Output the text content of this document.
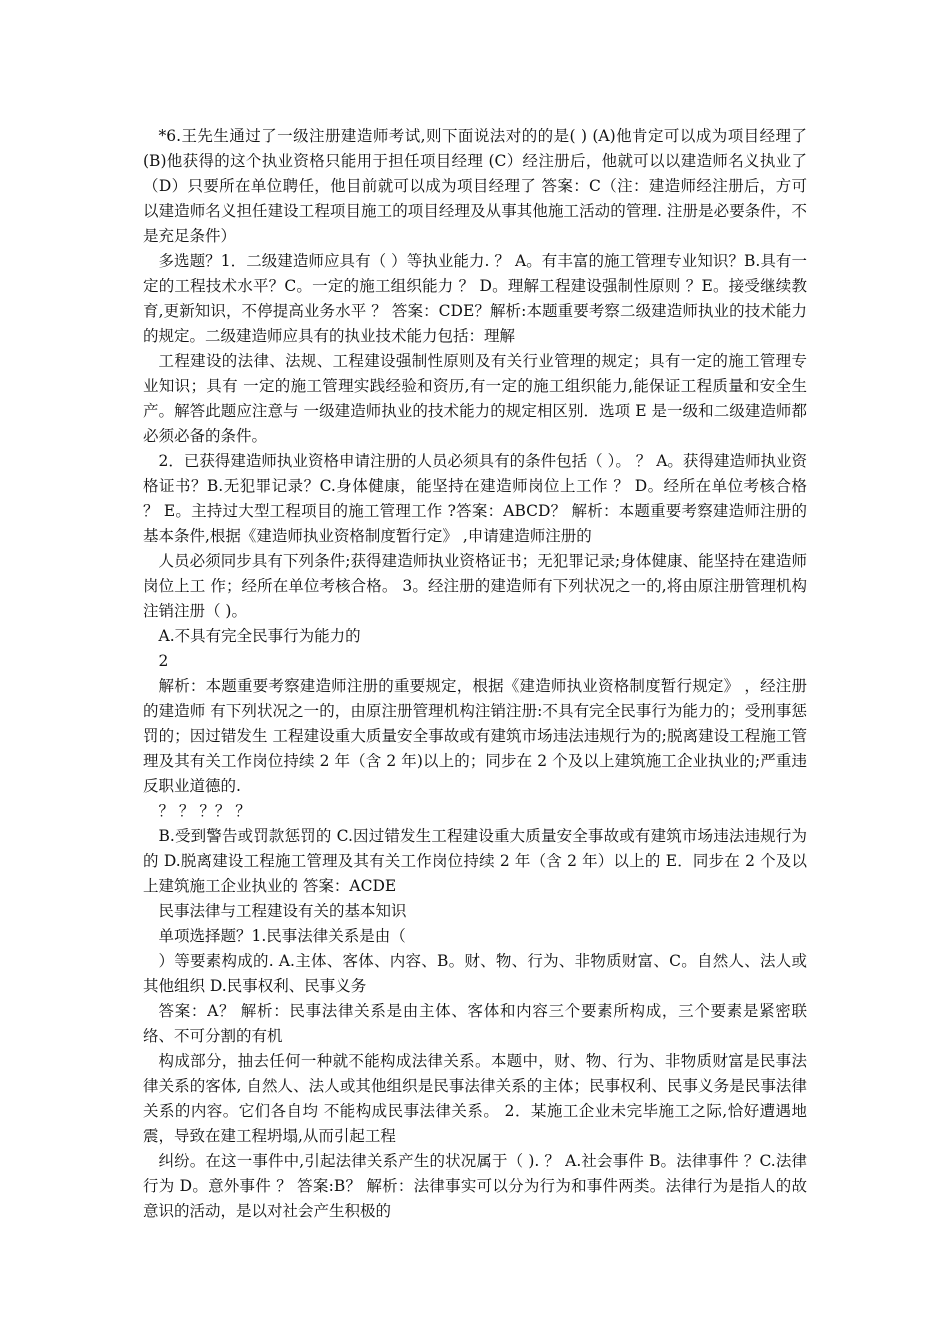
*6.王先生通过了一级注册建造师考试,则下面说法对的的是( ) (A)他肯定可以成为项目经理了 (B)他获得的这个执业资格只能用于担任项目经理 (C）经注册后，他就可以以建造师名义执业了 （D）只要所在单位聘任，他目前就可以成为项目经理了 答案：C（注：建造师经注册后，方可以建造师名义担任建设工程项目施工的项目经理及从事其他施工活动的管理. 注册是必要条件，不是充足条件）

多选题？1．二级建造师应具有（ ）等执业能力. ？ A。有丰富的施工管理专业知识？B.具有一定的工程技术水平？C。一定的施工组织能力 ？ D。理解工程建设强制性原则 ？E。接受继续教育,更新知识，不停提高业务水平 ？ 答案：CDE？解析:本题重要考察二级建造师执业的技术能力的规定。二级建造师应具有的执业技术能力包括：理解

工程建设的法律、法规、工程建设强制性原则及有关行业管理的规定；具有一定的施工管理专业知识；具有 一定的施工管理实践经验和资历,有一定的施工组织能力,能保证工程质量和安全生产。解答此题应注意与 一级建造师执业的技术能力的规定相区别．选项 E 是一级和二级建造师都必须必备的条件。

2．已获得建造师执业资格申请注册的人员必须具有的条件包括（ ）。 ？ A。获得建造师执业资格证书？B.无犯罪记录？C.身体健康，能坚持在建造师岗位上工作 ？ D。经所在单位考核合格 ？ E。主持过大型工程项目的施工管理工作 ?答案：ABCD？ 解析：本题重要考察建造师注册的基本条件,根据《建造师执业资格制度暂行定》 ,申请建造师注册的

人员必须同步具有下列条件;获得建造师执业资格证书；无犯罪记录;身体健康、能坚持在建造师岗位上工 作；经所在单位考核合格。 3。经注册的建造师有下列状况之一的,将由原注册管理机构注销注册（ )。

A.不具有完全民事行为能力的

2

解析：本题重要考察建造师注册的重要规定，根据《建造师执业资格制度暂行规定》 ，经注册的建造师 有下列状况之一的，由原注册管理机构注销注册:不具有完全民事行为能力的；受刑事惩罚的；因过错发生 工程建设重大质量安全事故或有建筑市场违法违规行为的;脱离建设工程施工管理及其有关工作岗位持续 2 年（含 2 年)以上的；同步在 2 个及以上建筑施工企业执业的;严重违反职业道德的.

？ ？ ？？ ？

B.受到警告或罚款惩罚的 C.因过错发生工程建设重大质量安全事故或有建筑市场违法违规行为的 D.脱离建设工程施工管理及其有关工作岗位持续 2 年（含 2 年）以上的 E．同步在 2 个及以上建筑施工企业执业的 答案：ACDE

民事法律与工程建设有关的基本知识

单项选择题？1.民事法律关系是由（

）等要素构成的. A.主体、客体、内容、B。财、物、行为、非物质财富、C。自然人、法人或其他组织 D.民事权利、民事义务

答案：A？ 解析：民事法律关系是由主体、客体和内容三个要素所构成，三个要素是紧密联络、不可分割的有机

构成部分，抽去任何一种就不能构成法律关系。本题中，财、物、行为、非物质财富是民事法律关系的客体, 自然人、法人或其他组织是民事法律关系的主体；民事权利、民事义务是民事法律关系的内容。它们各自均 不能构成民事法律关系。 2．某施工企业未完毕施工之际,恰好遭遇地震，导致在建工程坍塌,从而引起工程

纠纷。在这一事件中,引起法律关系产生的状况属于（ ). ？ A.社会事件 B。法律事件 ？C.法律行为 D。意外事件 ？ 答案:B？ 解析：法律事实可以分为行为和事件两类。法律行为是指人的故意识的活动，是以对社会产生积极的
